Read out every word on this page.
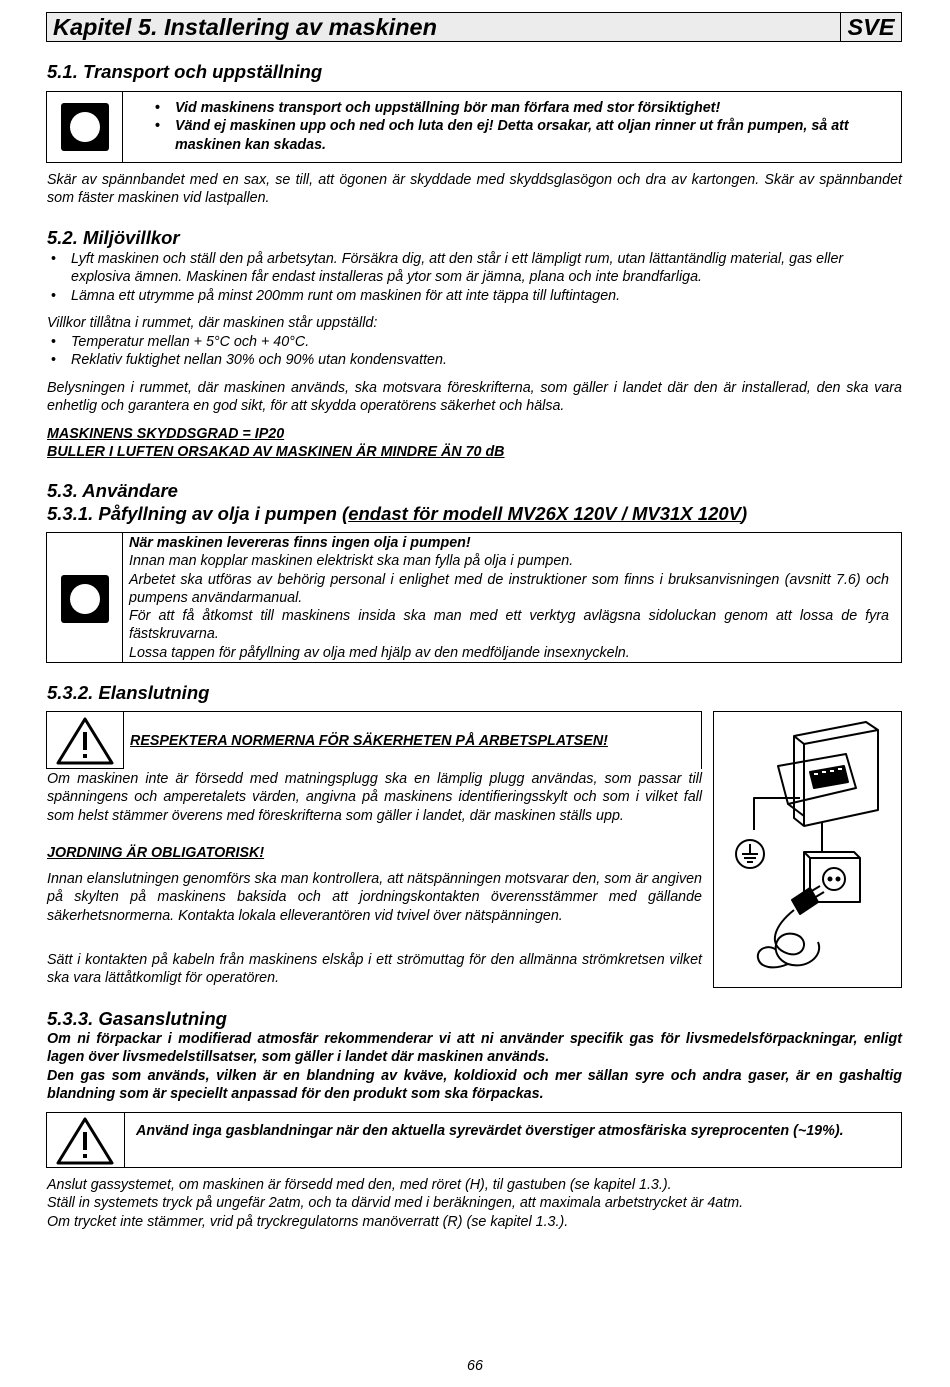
Kapitel 5. Installering av maskinen	SVE
5.1. Transport och uppställning
• Vid maskinens transport och uppställning bör man förfara med stor försiktighet!
• Vänd ej maskinen upp och ned och luta den ej! Detta orsakar, att oljan rinner ut från pumpen, så att maskinen kan skadas.

Skär av spännbandet med en sax, se till, att ögonen är skyddade med skyddsglasögon och dra av kartongen. Skär av spännbandet som fäster maskinen vid lastpallen.

5.2. Miljövillkor
• Lyft maskinen och ställ den på arbetsytan. Försäkra dig, att den står i ett lämpligt rum, utan lättantändlig material, gas eller explosiva ämnen. Maskinen får endast installeras på ytor som är jämna, plana och inte brandfarliga.
• Lämna ett utrymme på minst 200mm runt om maskinen för att inte täppa till luftintagen.

Villkor tillåtna i rummet, där maskinen står uppställd:

• Temperatur mellan + 5°C och + 40°C.
• Reklativ fuktighet nellan 30% och 90% utan kondensvatten.

Belysningen i rummet, där maskinen används, ska motsvara föreskrifterna, som gäller i landet där den är installerad, den ska vara enhetlig och garantera en god sikt, för att skydda operatörens säkerhet och hälsa.

MASKINENS SKYDDSGRAD = IP20

BULLER I LUFTEN ORSAKAD AV MASKINEN ÄR MINDRE ÄN 70 dB

5.3. Användare
5.3.1. Påfyllning av olja i pumpen (endast för modell MV26X 120V / MV31X 120V)

När maskinen levereras finns ingen olja i pumpen!

Innan man kopplar maskinen elektriskt ska man fylla på olja i pumpen.

Arbetet ska utföras av behörig personal i enlighet med de instruktioner som finns i bruksanvisningen (avsnitt 7.6) och pumpens användarmanual.

För att få åtkomst till maskinens insida ska man med ett verktyg avlägsna sidoluckan genom att lossa de fyra fästskruvarna.

Lossa tappen för påfyllning av olja med hjälp av den medföljande insexnyckeln.

5.3.2. Elanslutning

RESPEKTERA NORMERNA FÖR SÄKERHETEN PÅ ARBETSPLATSEN!

Om maskinen inte är försedd med matningsplugg ska en lämplig plugg användas, som passar till spänningens och amperetalets värden, angivna på maskinens identifieringsskylt och som i vilket fall som helst stämmer överens med föreskrifterna som gäller i landet, där maskinen ställs upp.

JORDNING ÄR OBLIGATORISK!

Innan elanslutningen genomförs ska man kontrollera, att nätspänningen motsvarar den, som är angiven på skylten på maskinens baksida och att jordningskontakten överensstämmer med gällande säkerhetsnormerna. Kontakta lokala elleverantören vid tvivel över nätspänningen.

Sätt i kontakten på kabeln från maskinens elskåp i ett strömuttag för den allmänna strömkretsen vilket ska vara lättåtkomligt för operatören.

5.3.3. Gasanslutning

Om ni förpackar i modifierad atmosfär rekommenderar vi att ni använder specifik gas för livsmedelsförpackningar, enligt lagen över livsmedelstillsatser, som gäller i landet där maskinen används.

Den gas som används, vilken är en blandning av kväve, koldioxid och mer sällan syre och andra gaser, är en gashaltig blandning som är speciellt anpassad för den produkt som ska förpackas.

Använd inga gasblandningar när den aktuella syrevärdet överstiger atmosfäriska syreprocenten (~19%).

Anslut gassystemet, om maskinen är försedd med den, med röret (H), til gastuben (se kapitel 1.3.).

Ställ in systemets tryck på ungefär 2atm, och ta därvid med i beräkningen, att maximala arbetstrycket är 4atm.

Om trycket inte stämmer, vrid på tryckregulatorns manöverratt (R) (se kapitel 1.3.).

66
